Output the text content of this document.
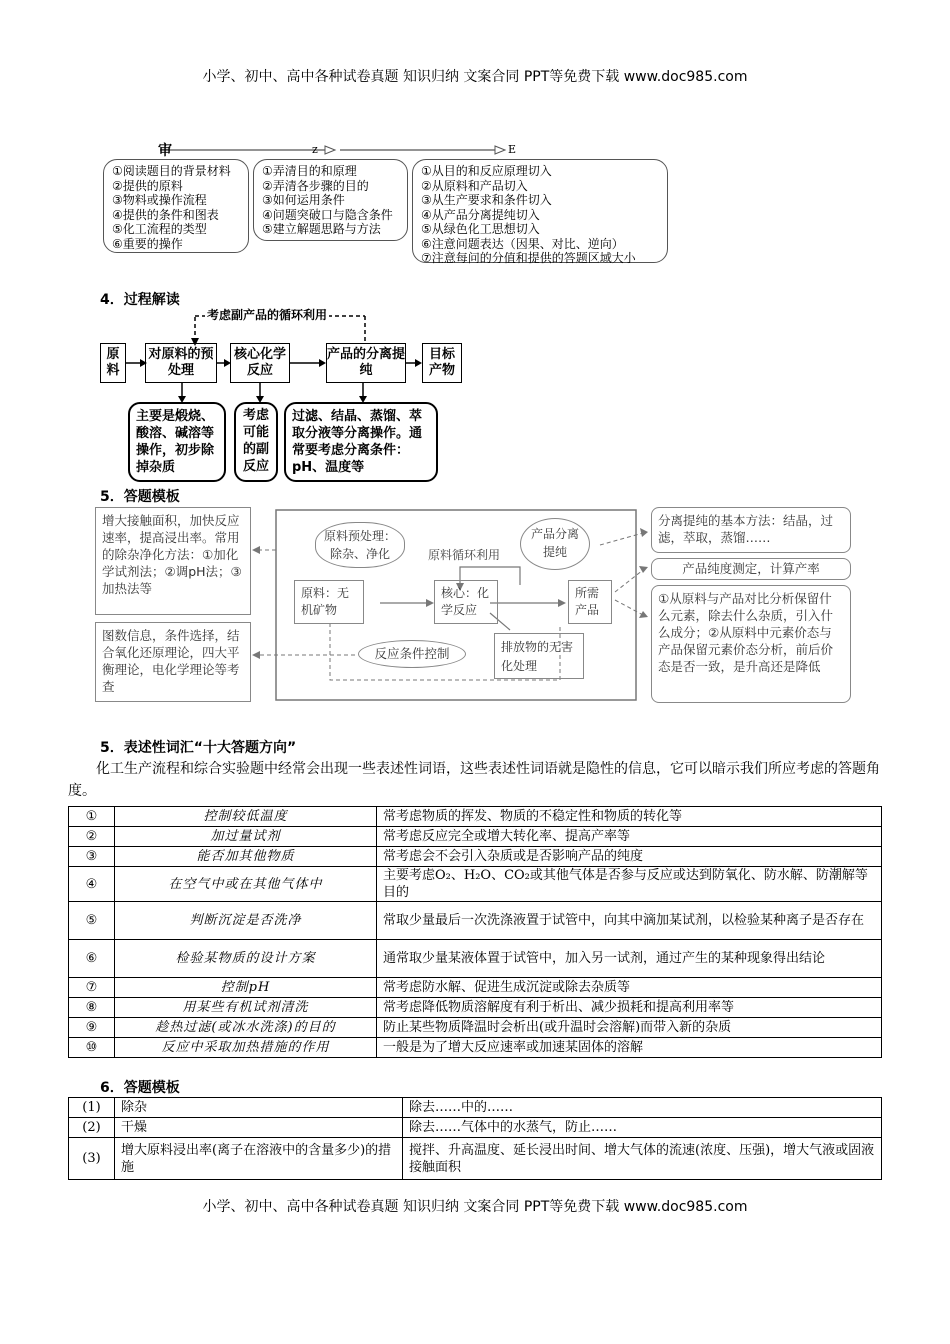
小学、初中、高中各种试卷真题 知识归纳 文案合同 PPT等免费下载 www.doc985.com
审	z	E
①阅读题目的背景材料
②提供的原料
③物料或操作流程
④提供的条件和图表
⑤化工流程的类型
⑥重要的操作
①弄清目的和原理
②弄清各步骤的目的
③如何运用条件
④问题突破口与隐含条件
⑤建立解题思路与方法
①从目的和反应原理切入
②从原料和产品切入
③从生产要求和条件切入
④从产品分离提纯切入
⑤从绿色化工思想切入
⑥注意问题表达（因果、对比、逆向）
⑦注意每问的分值和提供的答题区域大小
4．过程解读
考虑副产品的循环利用
原料
对原料的预处理
核心化学反应
产品的分离提纯
目标产物
主要是煅烧、酸溶、碱溶等操作，初步除掉杂质
考虑可能的副反应
过滤、结晶、蒸馏、萃取分液等分离操作。通常要考虑分离条件：pH、温度等
5．答题模板
增大接触面积，加快反应速率，提高浸出率。常用的除杂净化方法：①加化学试剂法；②调pH法；③加热法等
图数信息，条件选择，结合氧化还原理论，四大平衡理论，电化学理论等考查
原料预处理：除杂、净化
产品分离提纯
原料循环利用
原料：无机矿物
核心：化学反应
所需产品
排放物的无害化处理
反应条件控制
分离提纯的基本方法：结晶，过滤，萃取，蒸馏……
产品纯度测定，计算产率
①从原料与产品对比分析保留什么元素，除去什么杂质，引入什么成分；②从原料中元素价态与产品保留元素价态分析，前后价态是否一致，是升高还是降低
5．表述性词汇“十大答题方向”
化工生产流程和综合实验题中经常会出现一些表述性词语，这些表述性词语就是隐性的信息，它可以暗示我们所应考虑的答题角度。
①	控制较低温度	常考虑物质的挥发、物质的不稳定性和物质的转化等
②	加过量试剂	常考虑反应完全或增大转化率、提高产率等
③	能否加其他物质	常考虑会不会引入杂质或是否影响产品的纯度
④	在空气中或在其他气体中	主要考虑O₂、H₂O、CO₂或其他气体是否参与反应或达到防氧化、防水解、防潮解等目的
⑤	判断沉淀是否洗净	常取少量最后一次洗涤液置于试管中，向其中滴加某试剂，以检验某种离子是否存在
⑥	检验某物质的设计方案	通常取少量某液体置于试管中，加入另一试剂，通过产生的某种现象得出结论
⑦	控制pH	常考虑防水解、促进生成沉淀或除去杂质等
⑧	用某些有机试剂清洗	常考虑降低物质溶解度有利于析出、减少损耗和提高利用率等
⑨	趁热过滤(或冰水洗涤)的目的	防止某些物质降温时会析出(或升温时会溶解)而带入新的杂质
⑩	反应中采取加热措施的作用	一般是为了增大反应速率或加速某固体的溶解
6．答题模板
(1)	除杂	除去……中的……
(2)	干燥	除去……气体中的水蒸气，防止……
(3)	增大原料浸出率(离子在溶液中的含量多少)的措施	搅拌、升高温度、延长浸出时间、增大气体的流速(浓度、压强)，增大气液或固液接触面积
小学、初中、高中各种试卷真题 知识归纳 文案合同 PPT等免费下载 www.doc985.com
